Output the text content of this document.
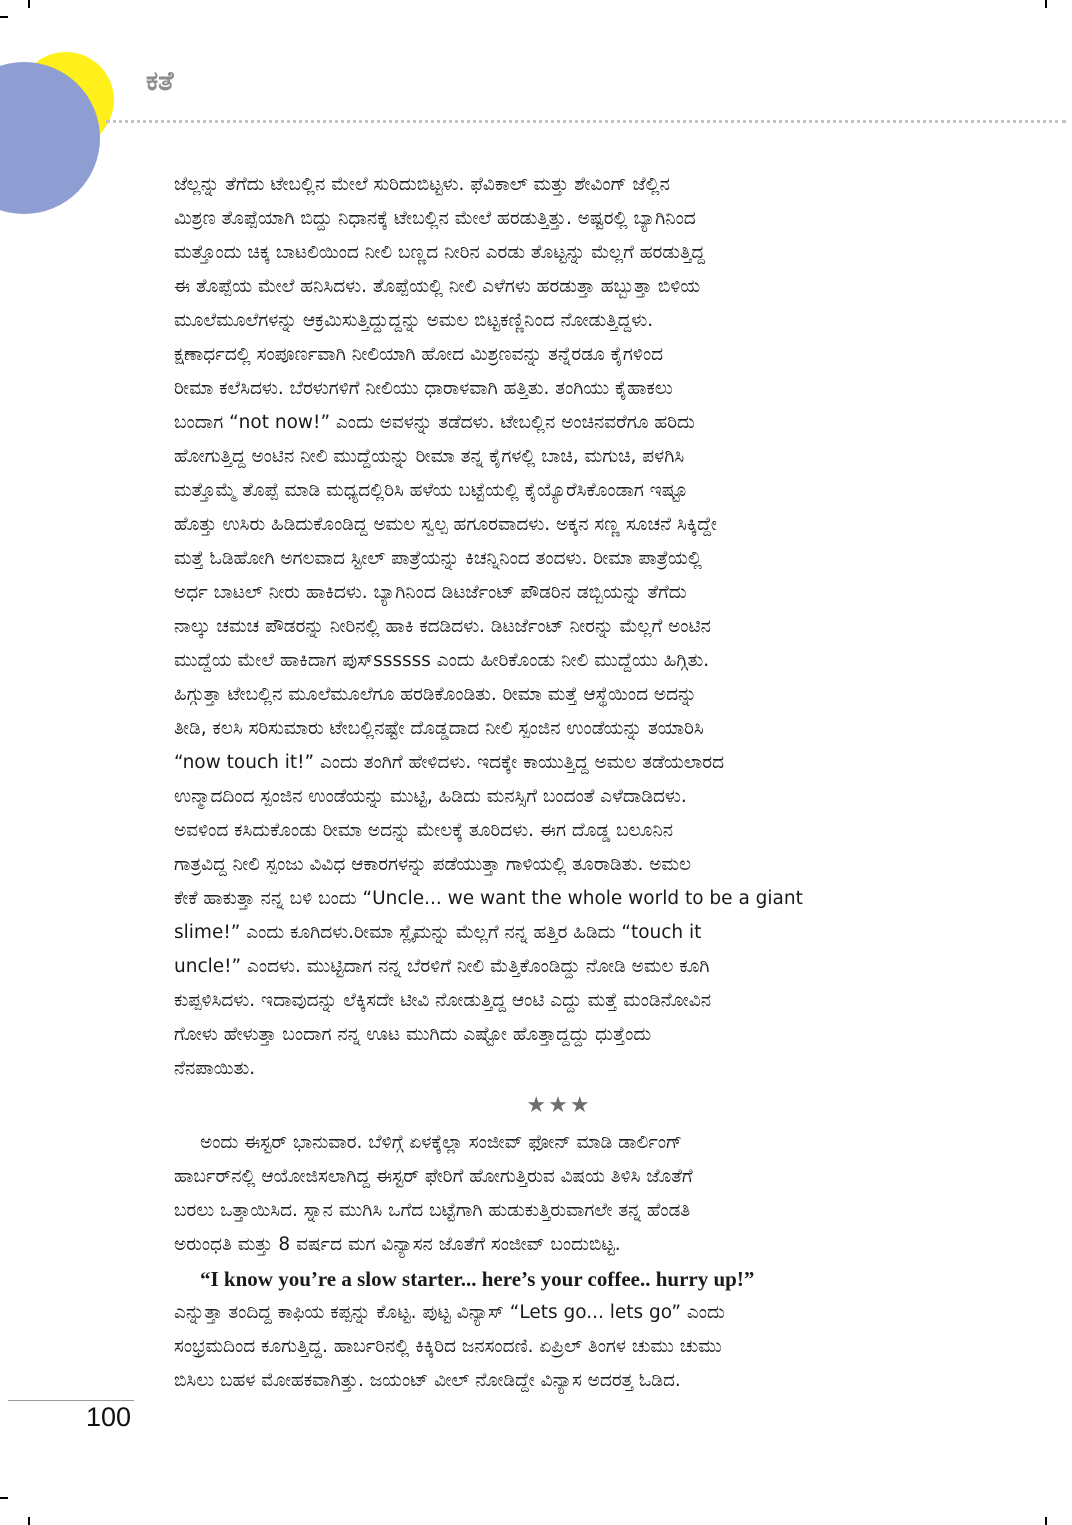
ಕತೆ
ಜೆಲ್ಲನ್ನು ತೆಗೆದು ಟೇಬಲ್ಲಿನ ಮೇಲೆ ಸುರಿದುಬಿಟ್ಟಳು. ಫೆವಿಕಾಲ್ ಮತ್ತು ಶೇವಿಂಗ್ ಜೆಲ್ಲಿನ
ಮಿಶ್ರಣ ತೊಪ್ಪೆಯಾಗಿ ಬಿದ್ದು ನಿಧಾನಕ್ಕೆ ಟೇಬಲ್ಲಿನ ಮೇಲೆ ಹರಡುತ್ತಿತ್ತು. ಅಷ್ಟರಲ್ಲಿ ಬ್ಯಾಗಿನಿಂದ
ಮತ್ತೊಂದು ಚಿಕ್ಕ ಬಾಟಲಿಯಿಂದ ನೀಲಿ ಬಣ್ಣದ ನೀರಿನ ಎರಡು ತೊಟ್ಟನ್ನು ಮೆಲ್ಲಗೆ ಹರಡುತ್ತಿದ್ದ
ಈ ತೊಪ್ಪೆಯ ಮೇಲೆ ಹನಿಸಿದಳು. ತೊಪ್ಪೆಯಲ್ಲಿ ನೀಲಿ ಎಳೆಗಳು ಹರಡುತ್ತಾ ಹಬ್ಬುತ್ತಾ ಬಿಳಿಯ
ಮೂಲೆಮೂಲೆಗಳನ್ನು ಆಕ್ರಮಿಸುತ್ತಿದ್ದುದ್ದನ್ನು ಅಮಲ ಬಿಟ್ಟಕಣ್ಣಿನಿಂದ ನೋಡುತ್ತಿದ್ದಳು.
ಕ್ಷಣಾರ್ಧದಲ್ಲಿ ಸಂಪೂರ್ಣವಾಗಿ ನೀಲಿಯಾಗಿ ಹೋದ ಮಿಶ್ರಣವನ್ನು ತನ್ನೆರಡೂ ಕೈಗಳಿಂದ
ರೀಮಾ ಕಲೆಸಿದಳು. ಬೆರಳುಗಳಿಗೆ ನೀಲಿಯು ಧಾರಾಳವಾಗಿ ಹತ್ತಿತು. ತಂಗಿಯು ಕೈಹಾಕಲು
ಬಂದಾಗ “not now!” ಎಂದು ಅವಳನ್ನು ತಡೆದಳು. ಟೇಬಲ್ಲಿನ ಅಂಚಿನವರೆಗೂ ಹರಿದು
ಹೋಗುತ್ತಿದ್ದ ಅಂಟಿನ ನೀಲಿ ಮುದ್ದೆಯನ್ನು ರೀಮಾ ತನ್ನ ಕೈಗಳಲ್ಲಿ ಬಾಚಿ, ಮಗುಚಿ, ಪಳಗಿಸಿ
ಮತ್ತೊಮ್ಮೆ ತೊಪ್ಪೆ ಮಾಡಿ ಮಧ್ಯದಲ್ಲಿರಿಸಿ ಹಳೆಯ ಬಟ್ಟೆಯಲ್ಲಿ ಕೈಯ್ಯೊರೆಸಿಕೊಂಡಾಗ ಇಷ್ಟೂ
ಹೊತ್ತು ಉಸಿರು ಹಿಡಿದುಕೊಂಡಿದ್ದ ಅಮಲ ಸ್ವಲ್ಪ ಹಗೂರವಾದಳು. ಅಕ್ಕನ ಸಣ್ಣ ಸೂಚನೆ ಸಿಕ್ಕಿದ್ದೇ
ಮತ್ತೆ ಓಡಿಹೋಗಿ ಅಗಲವಾದ ಸ್ಟೀಲ್ ಪಾತ್ರೆಯನ್ನು ಕಿಚನ್ನಿನಿಂದ ತಂದಳು. ರೀಮಾ ಪಾತ್ರೆಯಲ್ಲಿ
ಅರ್ಧ ಬಾಟಲ್ ನೀರು ಹಾಕಿದಳು. ಬ್ಯಾಗಿನಿಂದ ಡಿಟರ್ಜೆಂಟ್ ಪೌಡರಿನ ಡಬ್ಬಿಯನ್ನು ತೆಗೆದು
ನಾಲ್ಕು ಚಮಚ ಪೌಡರನ್ನು ನೀರಿನಲ್ಲಿ ಹಾಕಿ ಕದಡಿದಳು. ಡಿಟರ್ಜೆಂಟ್ ನೀರನ್ನು ಮೆಲ್ಲಗೆ ಅಂಟಿನ
ಮುದ್ದೆಯ ಮೇಲೆ ಹಾಕಿದಾಗ ಪುಸ್ssssss ಎಂದು ಹೀರಿಕೊಂಡು ನೀಲಿ ಮುದ್ದೆಯು ಹಿಗ್ಗಿತು.
ಹಿಗ್ಗುತ್ತಾ ಟೇಬಲ್ಲಿನ ಮೂಲೆಮೂಲೆಗೂ ಹರಡಿಕೊಂಡಿತು. ರೀಮಾ ಮತ್ತೆ ಆಸ್ಥೆಯಿಂದ ಅದನ್ನು
ತೀಡಿ, ಕಲಸಿ ಸರಿಸುಮಾರು ಟೇಬಲ್ಲಿನಷ್ಟೇ ದೊಡ್ಡದಾದ ನೀಲಿ ಸ್ಪಂಜಿನ ಉಂಡೆಯನ್ನು ತಯಾರಿಸಿ
“now touch it!” ಎಂದು ತಂಗಿಗೆ ಹೇಳಿದಳು. ಇದಕ್ಕೇ ಕಾಯುತ್ತಿದ್ದ ಅಮಲ ತಡೆಯಲಾರದ
ಉನ್ಮಾದದಿಂದ ಸ್ಪಂಜಿನ ಉಂಡೆಯನ್ನು ಮುಟ್ಟಿ, ಹಿಡಿದು ಮನಸ್ಸಿಗೆ ಬಂದಂತೆ ಎಳೆದಾಡಿದಳು.
ಅವಳಿಂದ ಕಸಿದುಕೊಂಡು ರೀಮಾ ಅದನ್ನು ಮೇಲಕ್ಕೆ ತೂರಿದಳು. ಈಗ ದೊಡ್ಡ ಬಲೂನಿನ
ಗಾತ್ರವಿದ್ದ ನೀಲಿ ಸ್ಪಂಜು ವಿವಿಧ ಆಕಾರಗಳನ್ನು ಪಡೆಯುತ್ತಾ ಗಾಳಿಯಲ್ಲಿ ತೂರಾಡಿತು. ಅಮಲ
ಕೇಕೆ ಹಾಕುತ್ತಾ ನನ್ನ ಬಳಿ ಬಂದು “Uncle... we want the whole world to be a giant
slime!” ಎಂದು ಕೂಗಿದಳು.ರೀಮಾ ಸ್ಲೈಮನ್ನು ಮೆಲ್ಲಗೆ ನನ್ನ ಹತ್ತಿರ ಹಿಡಿದು “touch it
uncle!” ಎಂದಳು. ಮುಟ್ಟಿದಾಗ ನನ್ನ ಬೆರಳಿಗೆ ನೀಲಿ ಮೆತ್ತಿಕೊಂಡಿದ್ದು ನೋಡಿ ಅಮಲ ಕೂಗಿ
ಕುಪ್ಪಳಿಸಿದಳು. ಇದಾವುದನ್ನು ಲೆಕ್ಕಿಸದೇ ಟೀವಿ ನೋಡುತ್ತಿದ್ದ ಆಂಟಿ ಎದ್ದು ಮತ್ತೆ ಮಂಡಿನೋವಿನ
ಗೋಳು ಹೇಳುತ್ತಾ ಬಂದಾಗ ನನ್ನ ಊಟ ಮುಗಿದು ಎಷ್ಟೋ ಹೊತ್ತಾದ್ದದ್ದು ಧುತ್ತೆಂದು
ನೆನಪಾಯಿತು.
★★★
ಅಂದು ಈಸ್ಟರ್ ಭಾನುವಾರ. ಬೆಳಿಗ್ಗೆ ಏಳಕ್ಕೆಲ್ಲಾ ಸಂಜೀವ್ ಫೋನ್ ಮಾಡಿ ಡಾರ್ಲಿಂಗ್
ಹಾರ್ಬರ್‌ನಲ್ಲಿ ಆಯೋಜಿಸಲಾಗಿದ್ದ ಈಸ್ಟರ್ ಫೇರಿಗೆ ಹೋಗುತ್ತಿರುವ ವಿಷಯ ತಿಳಿಸಿ ಜೊತೆಗೆ
ಬರಲು ಒತ್ತಾಯಿಸಿದ. ಸ್ನಾನ ಮುಗಿಸಿ ಒಗೆದ ಬಟ್ಟೆಗಾಗಿ ಹುಡುಕುತ್ತಿರುವಾಗಲೇ ತನ್ನ ಹೆಂಡತಿ
ಅರುಂಧತಿ ಮತ್ತು 8 ವರ್ಷದ ಮಗ ವಿನ್ಯಾಸನ ಜೊತೆಗೆ ಸಂಜೀವ್ ಬಂದುಬಿಟ್ಟ.
“I know you’re a slow starter... here’s your coffee.. hurry up!”
ಎನ್ನುತ್ತಾ ತಂದಿದ್ದ ಕಾಫಿಯ ಕಪ್ಪನ್ನು ಕೊಟ್ಟ. ಪುಟ್ಟ ವಿನ್ಯಾಸ್ “Lets go... lets go” ಎಂದು
ಸಂಭ್ರಮದಿಂದ ಕೂಗುತ್ತಿದ್ದ. ಹಾರ್ಬರಿನಲ್ಲಿ ಕಿಕ್ಕಿರಿದ ಜನಸಂದಣಿ. ಏಪ್ರಿಲ್ ತಿಂಗಳ ಚುಮು ಚುಮು
ಬಿಸಿಲು ಬಹಳ ಮೋಹಕವಾಗಿತ್ತು. ಜಯಂಟ್ ವೀಲ್ ನೋಡಿದ್ದೇ ವಿನ್ಯಾಸ ಅದರತ್ತ ಓಡಿದ.
100
